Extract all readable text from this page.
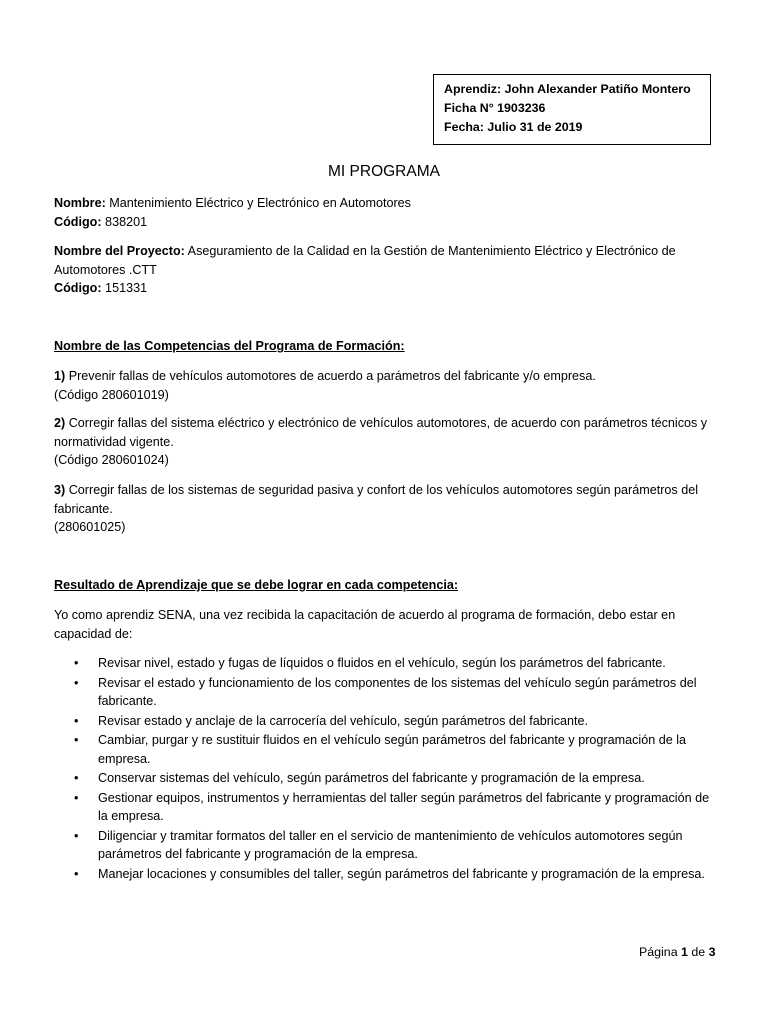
Aprendiz: John Alexander Patiño Montero
Ficha N° 1903236
Fecha: Julio 31 de 2019
MI PROGRAMA

Nombre: Mantenimiento Eléctrico y Electrónico en Automotores

Código: 838201

Nombre del Proyecto: Aseguramiento de la Calidad en la Gestión de Mantenimiento Eléctrico y Electrónico de Automotores .CTT

Código: 151331

Nombre de las Competencias del Programa de Formación:

1) Prevenir fallas de vehículos automotores de acuerdo a parámetros del fabricante y/o empresa.

(Código 280601019)

2) Corregir fallas del sistema eléctrico y electrónico de vehículos automotores, de acuerdo con parámetros técnicos y normatividad vigente.

(Código 280601024)

3) Corregir fallas de los sistemas de seguridad pasiva y confort de los vehículos automotores según parámetros del fabricante.

(280601025)

Resultado de Aprendizaje que se debe lograr en cada competencia:

Yo como aprendiz SENA, una vez recibida la capacitación de acuerdo al programa de formación, debo estar en capacidad de:

• Revisar nivel, estado y fugas de líquidos o fluidos en el vehículo, según los parámetros del fabricante.
• Revisar el estado y funcionamiento de los componentes de los sistemas del vehículo según parámetros del fabricante.
• Revisar estado y anclaje de la carrocería del vehículo, según parámetros del fabricante.
• Cambiar, purgar y re sustituir fluidos en el vehículo según parámetros del fabricante y programación de la empresa.
• Conservar sistemas del vehículo, según parámetros del fabricante y programación de la empresa.
• Gestionar equipos, instrumentos y herramientas del taller según parámetros del fabricante y programación de la empresa.
• Diligenciar y tramitar formatos del taller en el servicio de mantenimiento de vehículos automotores según parámetros del fabricante y programación de la empresa.
• Manejar locaciones y consumibles del taller, según parámetros del fabricante y programación de la empresa.
Página 1 de 3
